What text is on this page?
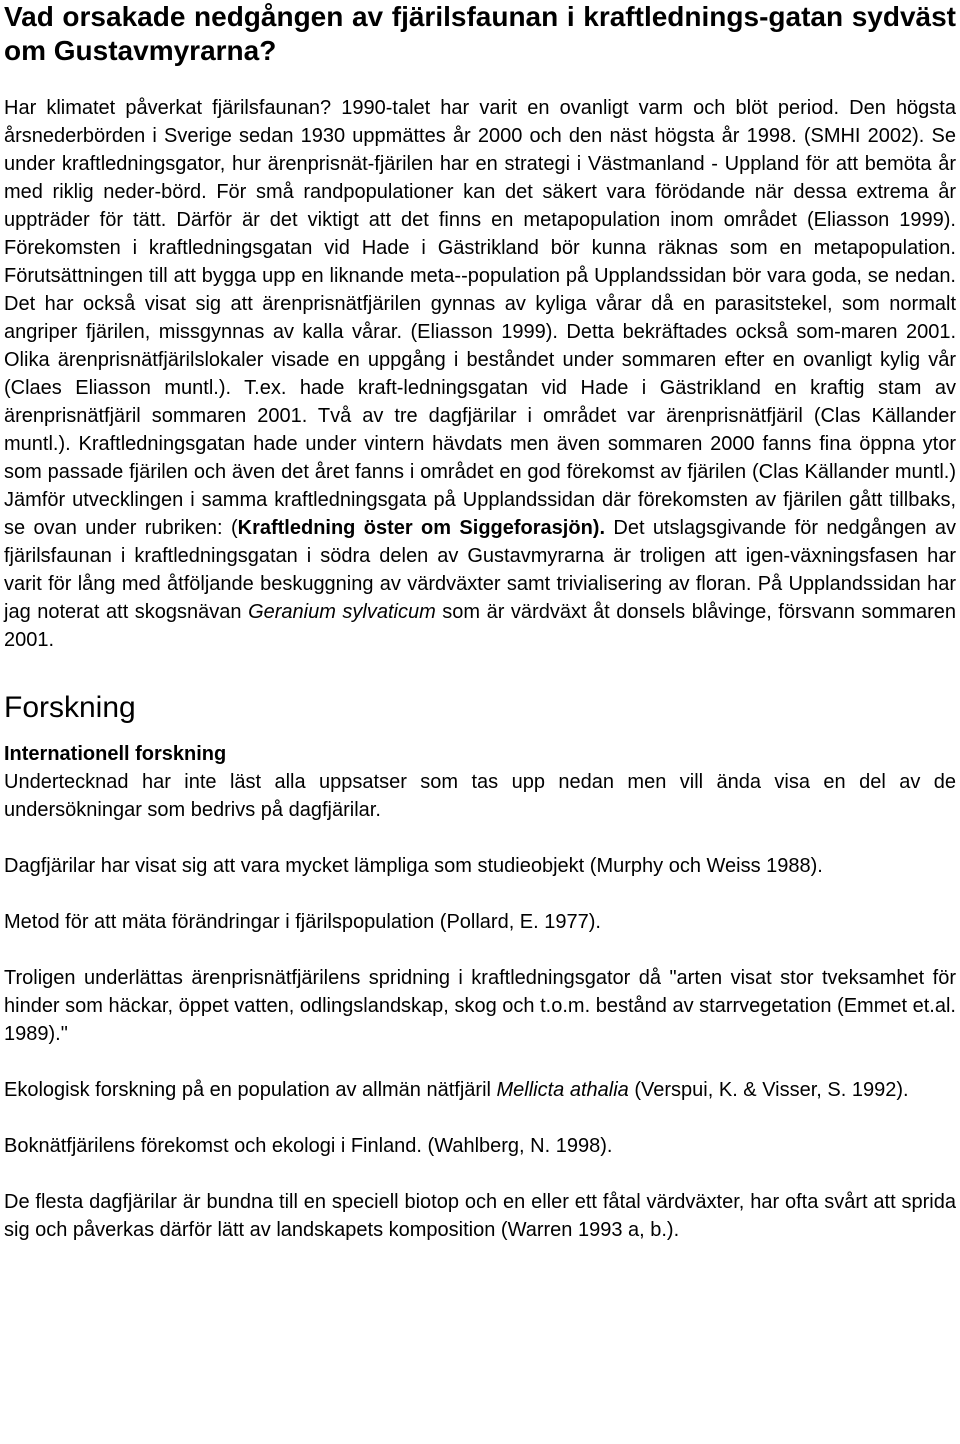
Vad orsakade nedgången av fjärilsfaunan i kraftlednings-gatan sydväst om Gustavmyrarna?

Har klimatet påverkat fjärilsfaunan? 1990-talet har varit en ovanligt varm och blöt period. Den högsta årsnederbörden i Sverige sedan 1930 uppmättes år 2000 och den näst högsta år 1998. (SMHI 2002). Se under kraftledningsgator, hur ärenprisnät-fjärilen har en strategi i Västmanland - Uppland för att bemöta år med riklig neder-börd. För små randpopulationer kan det säkert vara förödande när dessa extrema år uppträder för tätt. Därför är det viktigt att det finns en metapopulation inom området (Eliasson 1999). Förekomsten i kraftledningsgatan vid Hade i Gästrikland bör kunna räknas som en metapopulation. Förutsättningen till att bygga upp en liknande meta--population på Upplandssidan bör vara goda, se nedan. Det har också visat sig att ärenprisnätfjärilen gynnas av kyliga vårar då en parasitstekel, som normalt angriper fjärilen, missgynnas av kalla vårar. (Eliasson 1999). Detta bekräftades också som-maren 2001. Olika ärenprisnätfjärilslokaler visade en uppgång i beståndet under sommaren efter en ovanligt kylig vår (Claes Eliasson muntl.). T.ex. hade kraft-ledningsgatan vid Hade i Gästrikland en kraftig stam av ärenprisnätfjäril sommaren 2001. Två av tre dagfjärilar i området var ärenprisnätfjäril (Clas Källander muntl.). Kraftledningsgatan hade under vintern hävdats men även sommaren 2000 fanns fina öppna ytor som passade fjärilen och även det året fanns i området en god förekomst av fjärilen (Clas Källander muntl.) Jämför utvecklingen i samma kraftledningsgata på Upplandssidan där förekomsten av fjärilen gått tillbaks, se ovan under rubriken: (Kraftledning öster om Siggeforasjön). Det utslagsgivande för nedgången av fjärilsfaunan i kraftledningsgatan i södra delen av Gustavmyrarna är troligen att igen-växningsfasen har varit för lång med åtföljande beskuggning av värdväxter samt trivialisering av floran. På Upplandssidan har jag noterat att skogsnävan Geranium sylvaticum som är värdväxt åt donsels blåvinge, försvann sommaren 2001.

Forskning
Internationell forskning

Undertecknad har inte läst alla uppsatser som tas upp nedan men vill ända visa en del av de undersökningar som bedrivs på dagfjärilar.

Dagfjärilar har visat sig att vara mycket lämpliga som studieobjekt (Murphy och Weiss 1988).

Metod för att mäta förändringar i fjärilspopulation (Pollard, E. 1977).

Troligen underlättas ärenprisnätfjärilens spridning i kraftledningsgator då "arten visat stor tveksamhet för hinder som häckar, öppet vatten, odlingslandskap, skog och t.o.m. bestånd av starrvegetation (Emmet et.al. 1989)."

Ekologisk forskning på en population av allmän nätfjäril Mellicta athalia (Verspui, K. & Visser, S. 1992).

Boknätfjärilens förekomst och ekologi i Finland. (Wahlberg, N. 1998).

De flesta dagfjärilar är bundna till en speciell biotop och en eller ett fåtal värdväxter, har ofta svårt att sprida sig och påverkas därför lätt av landskapets komposition (Warren 1993 a, b.).
